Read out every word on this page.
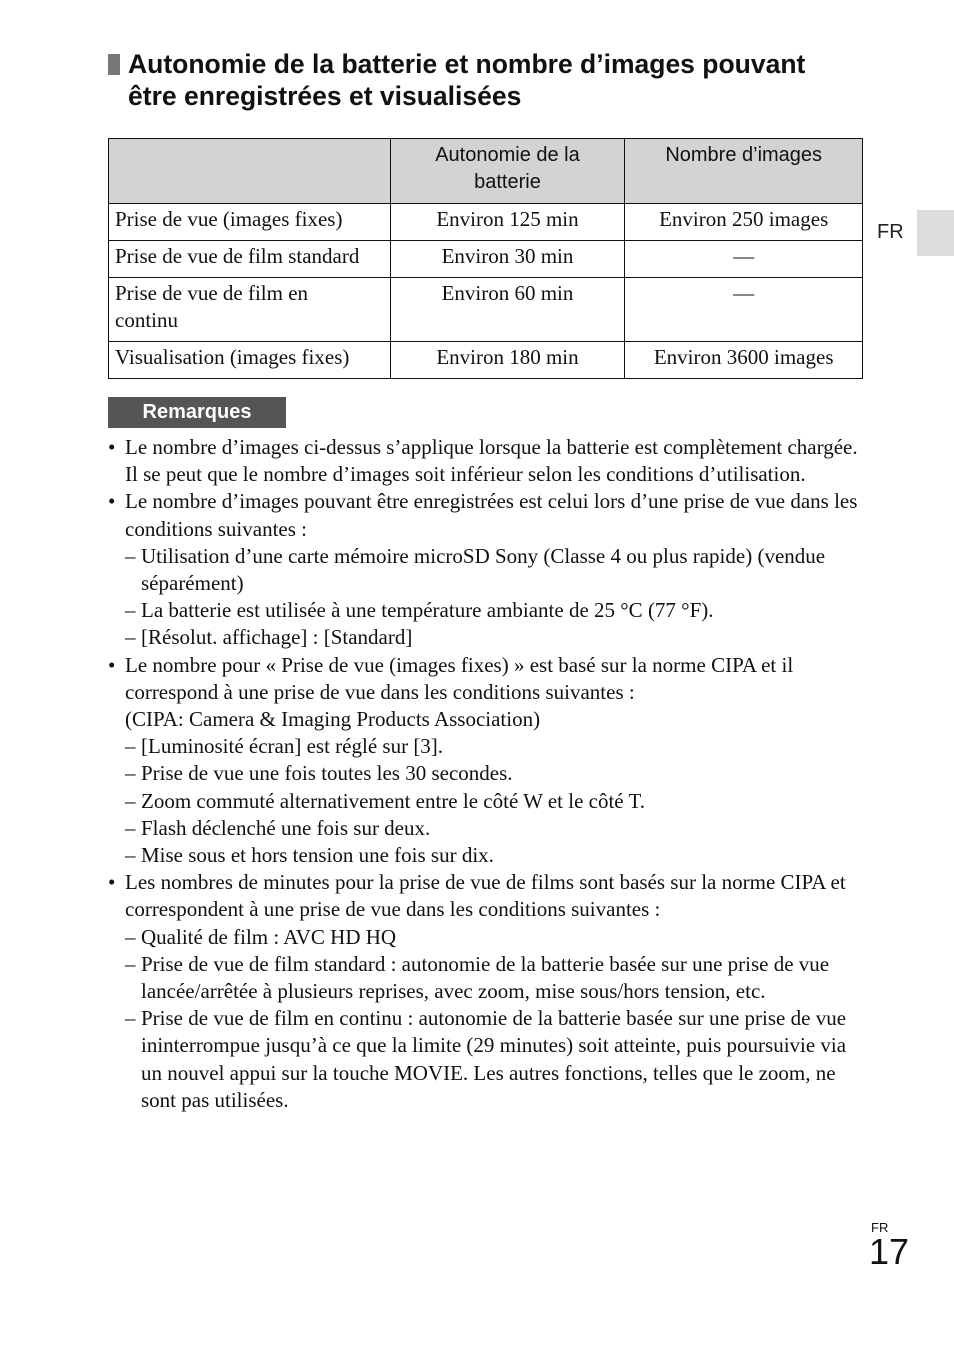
Autonomie de la batterie et nombre d’images pouvant
être enregistrées et visualisées
	Autonomie de la batterie	Nombre d’images
Prise de vue (images fixes)	Environ 125 min	Environ 250 images
Prise de vue de film standard	Environ 30 min	—
Prise de vue de film en continu	Environ 60 min	—
Visualisation (images fixes)	Environ 180 min	Environ 3600 images
FR
Remarques
• Le nombre d’images ci-dessus s’applique lorsque la batterie est complètement chargée. Il se peut que le nombre d’images soit inférieur selon les conditions d’utilisation.
• Le nombre d’images pouvant être enregistrées est celui lors d’une prise de vue dans les conditions suivantes :
– Utilisation d’une carte mémoire microSD Sony (Classe 4 ou plus rapide) (vendue séparément)
– La batterie est utilisée à une température ambiante de 25 °C (77 °F).
– [Résolut. affichage] : [Standard]
• Le nombre pour « Prise de vue (images fixes) » est basé sur la norme CIPA et il correspond à une prise de vue dans les conditions suivantes :
(CIPA: Camera & Imaging Products Association)
– [Luminosité écran] est réglé sur [3].
– Prise de vue une fois toutes les 30 secondes.
– Zoom commuté alternativement entre le côté W et le côté T.
– Flash déclenché une fois sur deux.
– Mise sous et hors tension une fois sur dix.
• Les nombres de minutes pour la prise de vue de films sont basés sur la norme CIPA et correspondent à une prise de vue dans les conditions suivantes :
– Qualité de film : AVC HD HQ
– Prise de vue de film standard : autonomie de la batterie basée sur une prise de vue lancée/arrêtée à plusieurs reprises, avec zoom, mise sous/hors tension, etc.
– Prise de vue de film en continu : autonomie de la batterie basée sur une prise de vue ininterrompue jusqu’à ce que la limite (29 minutes) soit atteinte, puis poursuivie via un nouvel appui sur la touche MOVIE. Les autres fonctions, telles que le zoom, ne sont pas utilisées.
FR
17
